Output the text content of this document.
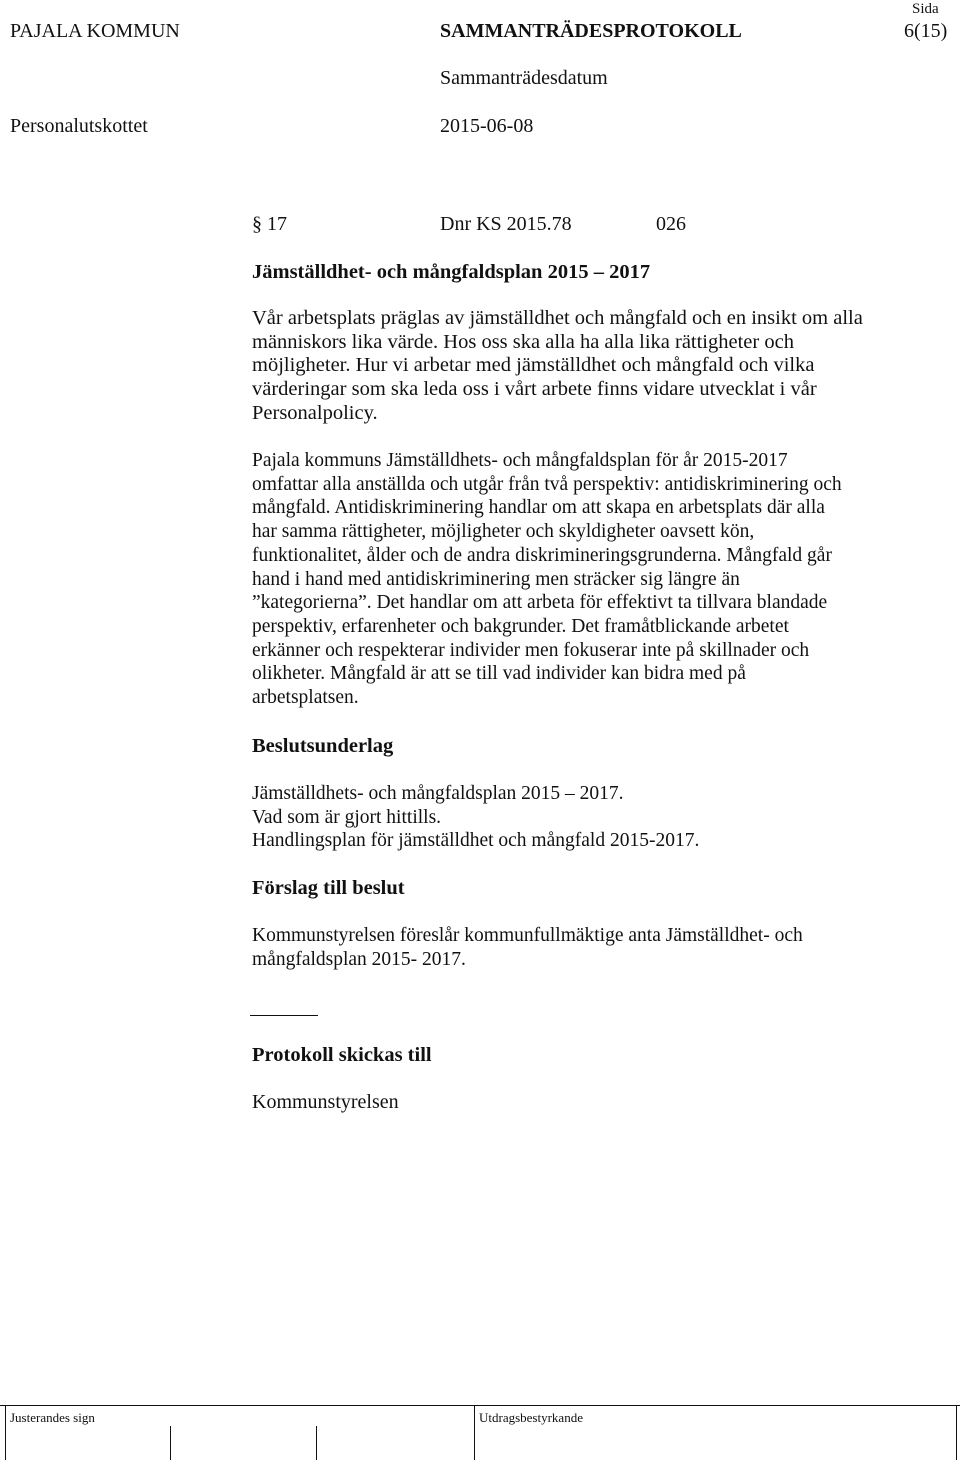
PAJALA KOMMUN	SAMMANTRÄDESPROTOKOLL
Sida
6(15)
Sammanträdesdatum
Personalutskottet	2015-06-08
§ 17	Dnr KS 2015.78	026
Jämställdhet- och mångfaldsplan 2015 – 2017
Vår arbetsplats präglas av jämställdhet och mångfald och en insikt om alla
människors lika värde. Hos oss ska alla ha alla lika rättigheter och
möjligheter. Hur vi arbetar med jämställdhet och mångfald och vilka
värderingar som ska leda oss i vårt arbete finns vidare utvecklat i vår
Personalpolicy.
Pajala kommuns Jämställdhets- och mångfaldsplan för år 2015-2017
omfattar alla anställda och utgår från två perspektiv: antidiskriminering och
mångfald. Antidiskriminering handlar om att skapa en arbetsplats där alla
har samma rättigheter, möjligheter och skyldigheter oavsett kön,
funktionalitet, ålder och de andra diskrimineringsgrunderna. Mångfald går
hand i hand med antidiskriminering men sträcker sig längre än
”kategorierna”. Det handlar om att arbeta för effektivt ta tillvara blandade
perspektiv, erfarenheter och bakgrunder. Det framåtblickande arbetet
erkänner och respekterar individer men fokuserar inte på skillnader och
olikheter. Mångfald är att se till vad individer kan bidra med på
arbetsplatsen.
Beslutsunderlag
Jämställdhets- och mångfaldsplan 2015 – 2017.
Vad som är gjort hittills.
Handlingsplan för jämställdhet och mångfald 2015-2017.
Förslag till beslut
Kommunstyrelsen föreslår kommunfullmäktige anta Jämställdhet- och
mångfaldsplan 2015- 2017.
Protokoll skickas till
Kommunstyrelsen
Justerandes sign	Utdragsbestyrkande
